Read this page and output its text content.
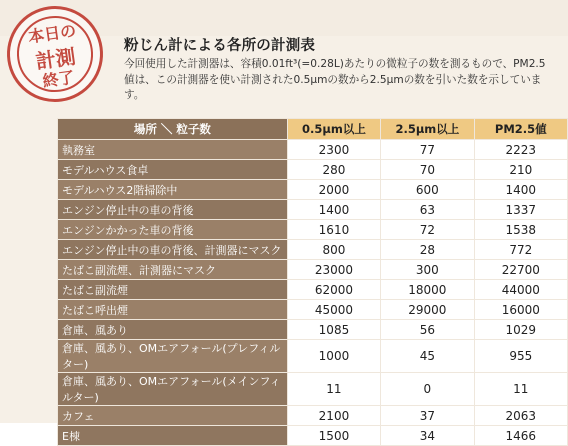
本日の
計測
終了
粉じん計による各所の計測表
今回使用した計測器は、容積0.01ft³(=0.28L)あたりの微粒子の数を測るもので、PM2.5値は、この計測器を使い計測された0.5μmの数から2.5μmの数を引いた数を示しています。
場所 ＼ 粒子数	0.5μm以上	2.5μm以上	PM2.5値
執務室	2300	77	2223
モデルハウス食卓	280	70	210
モデルハウス2階掃除中	2000	600	1400
エンジン停止中の車の背後	1400	63	1337
エンジンかかった車の背後	1610	72	1538
エンジン停止中の車の背後、計測器にマスク	800	28	772
たばこ副流煙、計測器にマスク	23000	300	22700
たばこ副流煙	62000	18000	44000
たばこ呼出煙	45000	29000	16000
倉庫、風あり	1085	56	1029
倉庫、風あり、OMエアフォール(プレフィルター)	1000	45	955
倉庫、風あり、OMエアフォール(メインフィルター)	11	0	11
カフェ	2100	37	2063
E棟	1500	34	1466
